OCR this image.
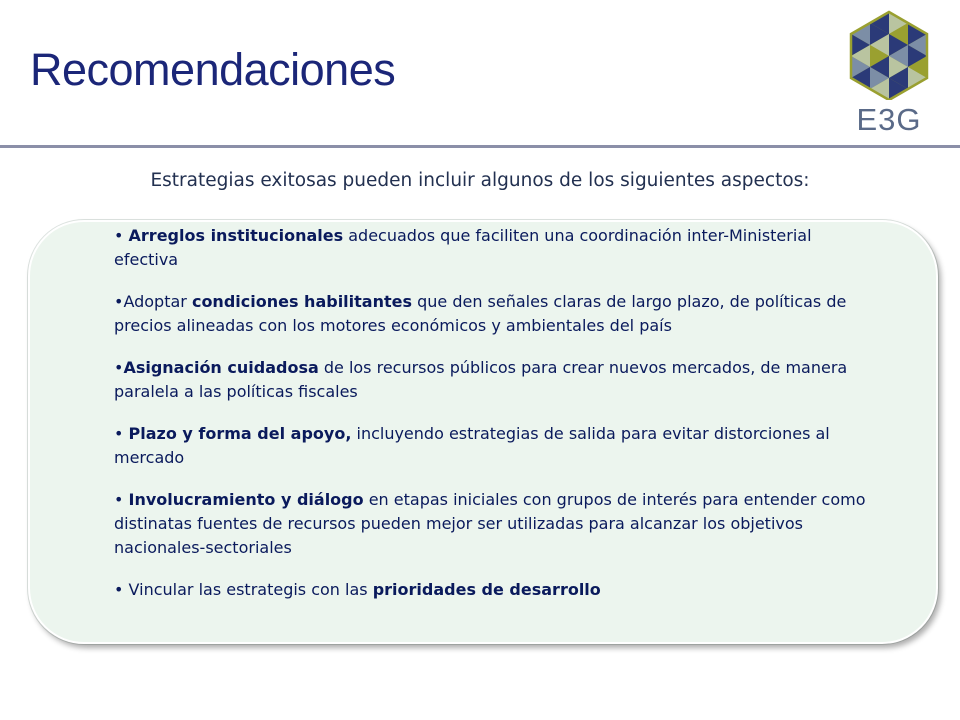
Recomendaciones
E3G
Estrategias exitosas pueden incluir algunos de los siguientes aspectos:
• Arreglos institucionales adecuados que faciliten una coordinación inter-Ministerial efectiva
•Adoptar condiciones habilitantes que den señales claras de largo plazo, de políticas de precios alineadas con los motores económicos y ambientales del país
•Asignación cuidadosa de los recursos públicos para crear nuevos mercados, de manera paralela a las políticas fiscales
• Plazo y forma del apoyo, incluyendo estrategias de salida para evitar distorciones al mercado
• Involucramiento y diálogo en etapas iniciales con grupos de interés para entender como distinatas fuentes de recursos pueden mejor ser utilizadas para alcanzar los objetivos nacionales-sectoriales
• Vincular las estrategis con las prioridades de desarrollo
